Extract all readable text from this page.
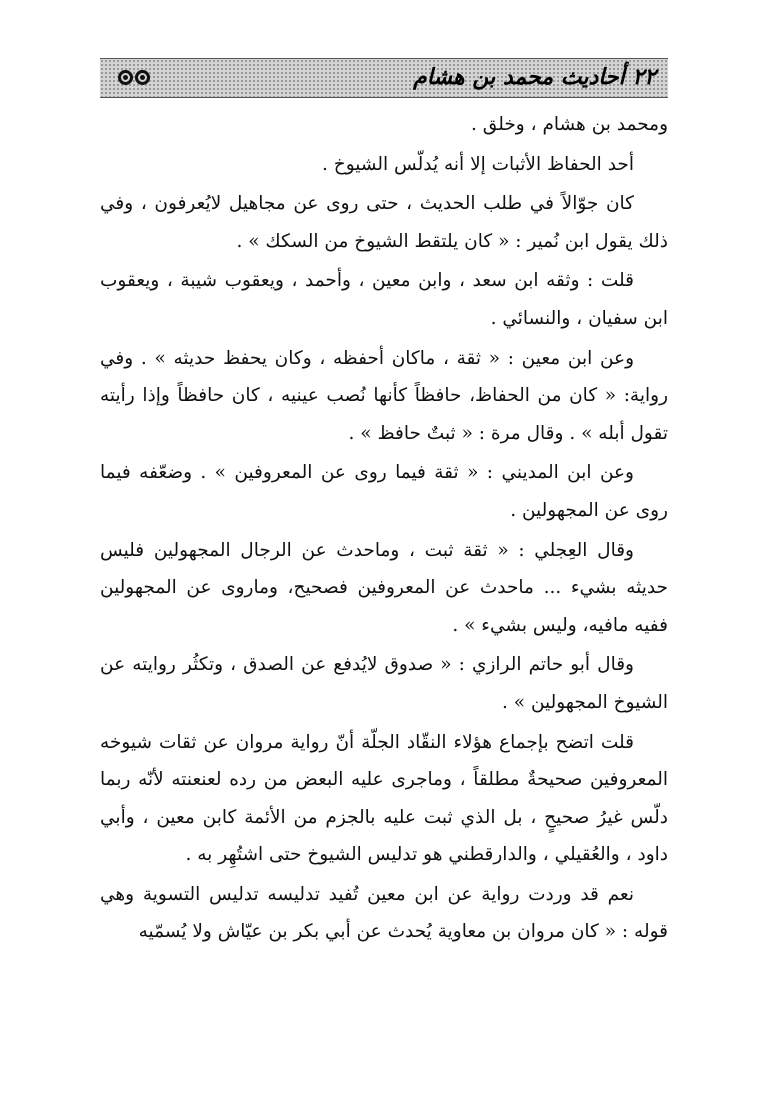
٢٢ أحاديث محمد بن هشام

ومحمد بن هشام ، وخلق .

أحد الحفاظ الأثبات إلا أنه يُدلّس الشيوخ .

كان جوّالاً في طلب الحديث ، حتى روى عن مجاهيل لايُعرفون ، وفي ذلك يقول ابن نُمير : « كان يلتقط الشيوخ من السكك » .

قلت : وثقه ابن سعد ، وابن معين ، وأحمد ، ويعقوب شيبة ، ويعقوب ابن سفيان ، والنسائي .

وعن ابن معين : « ثقة ، ماكان أحفظه ، وكان يحفظ حديثه » . وفي رواية: « كان من الحفاظ، حافظاً كأنها نُصب عينيه ، كان حافظاً وإذا رأيته تقول أبله » . وقال مرة : « ثبتٌ حافظ » .

وعن ابن المديني : « ثقة فيما روى عن المعروفين » . وضعّفه فيما روى عن المجهولين .

وقال العِجلي : « ثقة ثبت ، وماحدث عن الرجال المجهولين فليس حديثه بشيء ... ماحدث عن المعروفين فصحيح، وماروى عن المجهولين ففيه مافيه، وليس بشيء » .

وقال أبو حاتم الرازي : « صدوق لايُدفع عن الصدق ، وتكثُر روايته عن الشيوخ المجهولين » .

قلت اتضح بإجماع هؤلاء النقّاد الجلّة أنّ رواية مروان عن ثقات شيوخه المعروفين صحيحةٌ مطلقاً ، وماجرى عليه البعض من رده لعنعنته لأنّه ربما دلّس غيرُ صحيحٍ ، بل الذي ثبت عليه بالجزم من الأئمة كابن معين ، وأبي داود ، والعُقيلي ، والدارقطني هو تدليس الشيوخ حتى اشتُهِر به .

نعم قد وردت رواية عن ابن معين تُفيد تدليسه تدليس التسوية وهي قوله : « كان مروان بن معاوية يُحدث عن أبي بكر بن عيّاش ولا يُسمّيه
